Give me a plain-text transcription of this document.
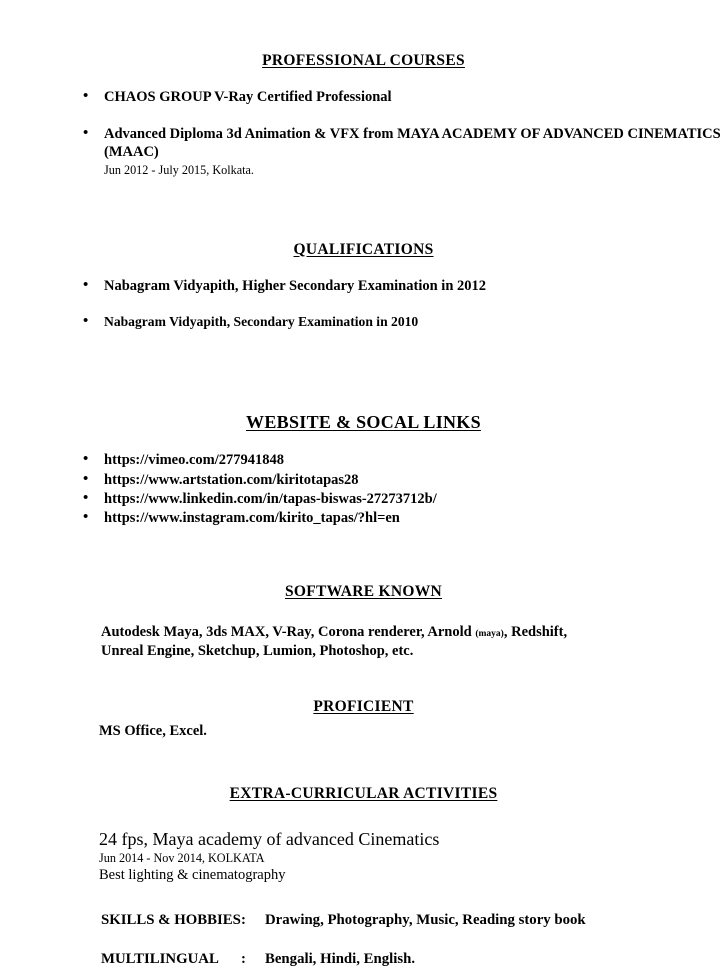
PROFESSIONAL COURSES
• CHAOS GROUP V-Ray Certified Professional
• Advanced Diploma 3d Animation & VFX from MAYA ACADEMY OF ADVANCED CINEMATICS (MAAC)
Jun 2012 - July 2015, Kolkata.
QUALIFICATIONS
• Nabagram Vidyapith, Higher Secondary Examination in 2012
• Nabagram Vidyapith, Secondary Examination in 2010
WEBSITE & SOCAL LINKS
• https://vimeo.com/277941848
• https://www.artstation.com/kiritotapas28
• https://www.linkedin.com/in/tapas-biswas-27273712b/
• https://www.instagram.com/kirito_tapas/?hl=en
SOFTWARE KNOWN
Autodesk Maya, 3ds MAX, V-Ray, Corona renderer, Arnold (maya), Redshift,
Unreal Engine, Sketchup, Lumion, Photoshop, etc.
PROFICIENT
MS Office, Excel.
EXTRA-CURRICULAR ACTIVITIES
24 fps, Maya academy of advanced Cinematics
Jun 2014 - Nov 2014, KOLKATA
Best lighting & cinematography
SKILLS & HOBBIES :	Drawing, Photography, Music, Reading story book
MULTILINGUAL	:	Bengali, Hindi, English.
